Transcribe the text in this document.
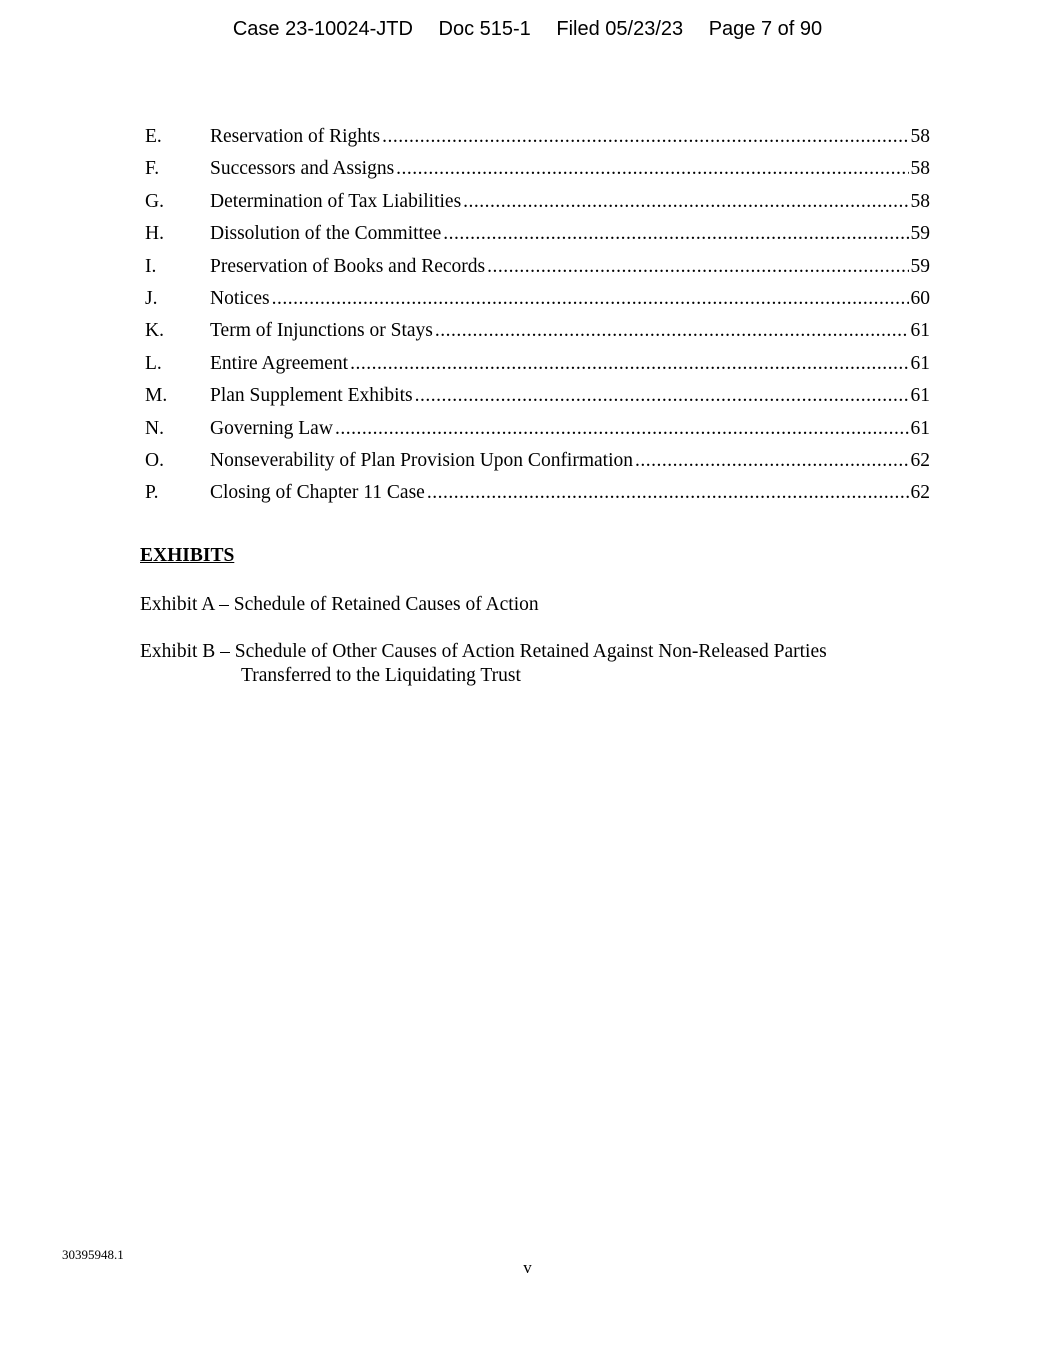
Case 23-10024-JTD Doc 515-1 Filed 05/23/23 Page 7 of 90
E.	Reservation of Rights .....	58
F.	Successors and Assigns .....	58
G.	Determination of Tax Liabilities .....	58
H.	Dissolution of the Committee .....	59
I.	Preservation of Books and Records .....	59
J.	Notices .....	60
K.	Term of Injunctions or Stays .....	61
L.	Entire Agreement .....	61
M.	Plan Supplement Exhibits .....	61
N.	Governing Law .....	61
O.	Nonseverability of Plan Provision Upon Confirmation .....	62
P.	Closing of Chapter 11 Case .....	62
EXHIBITS
Exhibit A – Schedule of Retained Causes of Action
Exhibit B – Schedule of Other Causes of Action Retained Against Non-Released Parties
Transferred to the Liquidating Trust
30395948.1
v
